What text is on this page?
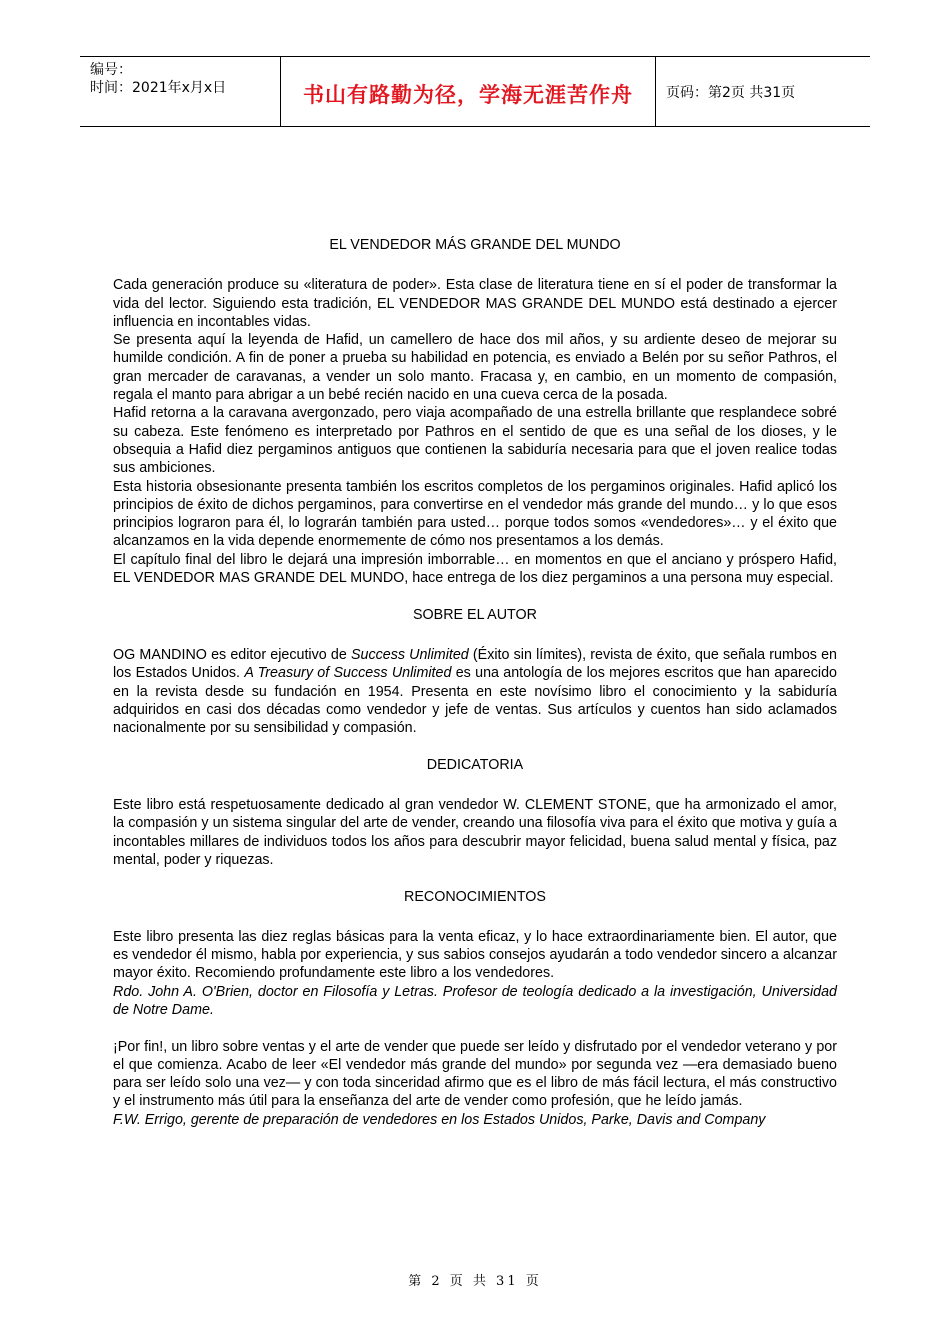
编号：
时间：2021年x月x日	书山有路勤为径，学海无涯苦作舟	页码：第2页 共31页
EL VENDEDOR MÁS GRANDE DEL MUNDO

Cada generación produce su «literatura de poder». Esta clase de literatura tiene en sí el poder de transformar la vida del lector. Siguiendo esta tradición, EL VENDEDOR MAS GRANDE DEL MUNDO está destinado a ejercer influencia en incontables vidas.

Se presenta aquí la leyenda de Hafid, un camellero de hace dos mil años, y su ardiente deseo de mejorar su humilde condición. A fin de poner a prueba su habilidad en potencia, es enviado a Belén por su señor Pathros, el gran mercader de caravanas, a vender un solo manto. Fracasa y, en cambio, en un momento de compasión, regala el manto para abrigar a un bebé recién nacido en una cueva cerca de la posada.

Hafid retorna a la caravana avergonzado, pero viaja acompañado de una estrella brillante que resplandece sobré su cabeza. Este fenómeno es interpretado por Pathros en el sentido de que es una señal de los dioses, y le obsequia a Hafid diez pergaminos antiguos que contienen la sabiduría necesaria para que el joven realice todas sus ambiciones.

Esta historia obsesionante presenta también los escritos completos de los pergaminos originales. Hafid aplicó los principios de éxito de dichos pergaminos, para convertirse en el vendedor más grande del mundo… y lo que esos principios lograron para él, lo lograrán también para usted… porque todos somos «vendedores»… y el éxito que alcanzamos en la vida depende enormemente de cómo nos presentamos a los demás.

El capítulo final del libro le dejará una impresión imborrable… en momentos en que el anciano y próspero Hafid, EL VENDEDOR MAS GRANDE DEL MUNDO, hace entrega de los diez pergaminos a una persona muy especial.

SOBRE EL AUTOR

OG MANDINO es editor ejecutivo de Success Unlimited (Éxito sin límites), revista de éxito, que señala rumbos en los Estados Unidos. A Treasury of Success Unlimited es una antología de los mejores escritos que han aparecido en la revista desde su fundación en 1954. Presenta en este novísimo libro el conocimiento y la sabiduría adquiridos en casi dos décadas como vendedor y jefe de ventas. Sus artículos y cuentos han sido aclamados nacionalmente por su sensibilidad y compasión.

DEDICATORIA

Este libro está respetuosamente dedicado al gran vendedor W. CLEMENT STONE, que ha armonizado el amor, la compasión y un sistema singular del arte de vender, creando una filosofía viva para el éxito que motiva y guía a incontables millares de individuos todos los años para descubrir mayor felicidad, buena salud mental y física, paz mental, poder y riquezas.

RECONOCIMIENTOS

Este libro presenta las diez reglas básicas para la venta eficaz, y lo hace extraordinariamente bien. El autor, que es vendedor él mismo, habla por experiencia, y sus sabios consejos ayudarán a todo vendedor sincero a alcanzar mayor éxito. Recomiendo profundamente este libro a los vendedores.

Rdo. John A. O'Brien, doctor en Filosofía y Letras. Profesor de teología dedicado a la investigación, Universidad de Notre Dame.

¡Por fin!, un libro sobre ventas y el arte de vender que puede ser leído y disfrutado por el vendedor veterano y por el que comienza. Acabo de leer «El vendedor más grande del mundo» por segunda vez —era demasiado bueno para ser leído solo una vez— y con toda sinceridad afirmo que es el libro de más fácil lectura, el más constructivo y el instrumento más útil para la enseñanza del arte de vender como profesión, que he leído jamás.

F.W. Errigo, gerente de preparación de vendedores en los Estados Unidos, Parke, Davis and Company

第 2 页 共 31 页
